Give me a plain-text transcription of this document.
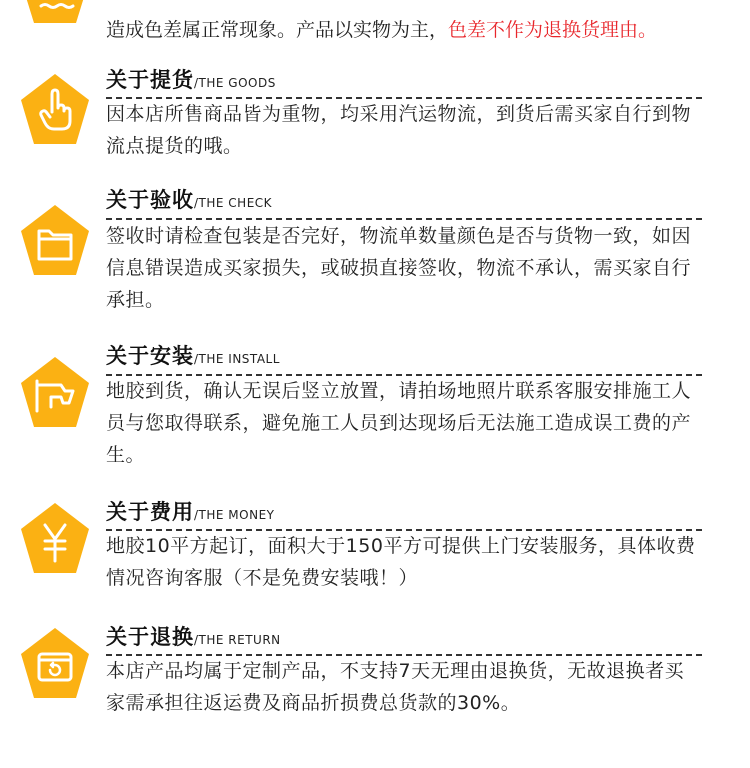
造成色差属正常现象。产品以实物为主，色差不作为退换货理由。
关于提货/THE GOODS
因本店所售商品皆为重物，均采用汽运物流，到货后需买家自行到物流点提货的哦。
关于验收/THE CHECK
签收时请检查包装是否完好，物流单数量颜色是否与货物一致，如因信息错误造成买家损失，或破损直接签收，物流不承认，需买家自行承担。
关于安装/THE INSTALL
地胶到货，确认无误后竖立放置，请拍场地照片联系客服安排施工人员与您取得联系，避免施工人员到达现场后无法施工造成误工费的产生。
关于费用/THE MONEY
地胶10平方起订，面积大于150平方可提供上门安装服务，具体收费情况咨询客服（不是免费安装哦！）
关于退换/THE RETURN
本店产品均属于定制产品，不支持7天无理由退换货，无故退换者买家需承担往返运费及商品折损费总货款的30%。
